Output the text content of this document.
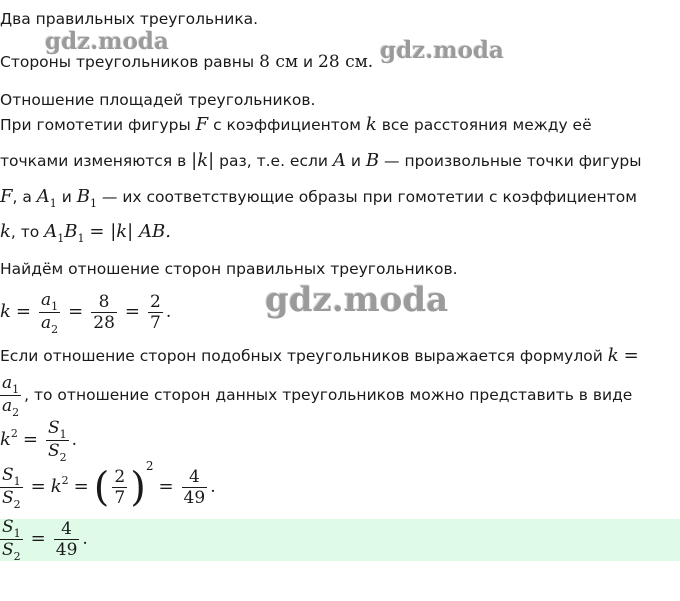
Два правильных треугольника.
Стороны треугольников равны 8 см и 28 см.
Отношение площадей треугольников.
При гомотетии фигуры F с коэффициентом k все расстояния между её
точками изменяются в |k| раз, т.е. если A и B — произвольные точки фигуры
F, а $A_1$ и $B_1$ — их соответствующие образы при гомотетии с коэффициентом
k, то $A_1B_1 = |k|$ AB.
Найдём отношение сторон правильных треугольников.
$k = \frac{a_1}{a_2} = \frac{8}{28} = \frac{2}{7}$ .
Если отношение сторон подобных треугольников выражается формулой k =
$\frac{a_1}{a_2}$ , то отношение сторон данных треугольников можно представить в виде
$k^2 = \frac{S_1}{S_2}$ .
$\frac{S_1}{S_2} = k^2$ = ( $\frac{2}{7} )^2= \frac{4}{49}$ .
$\frac{S_1}{S_2} = \frac{4}{49}$ .
gdz.moda	gdz.moda
gdz.moda
